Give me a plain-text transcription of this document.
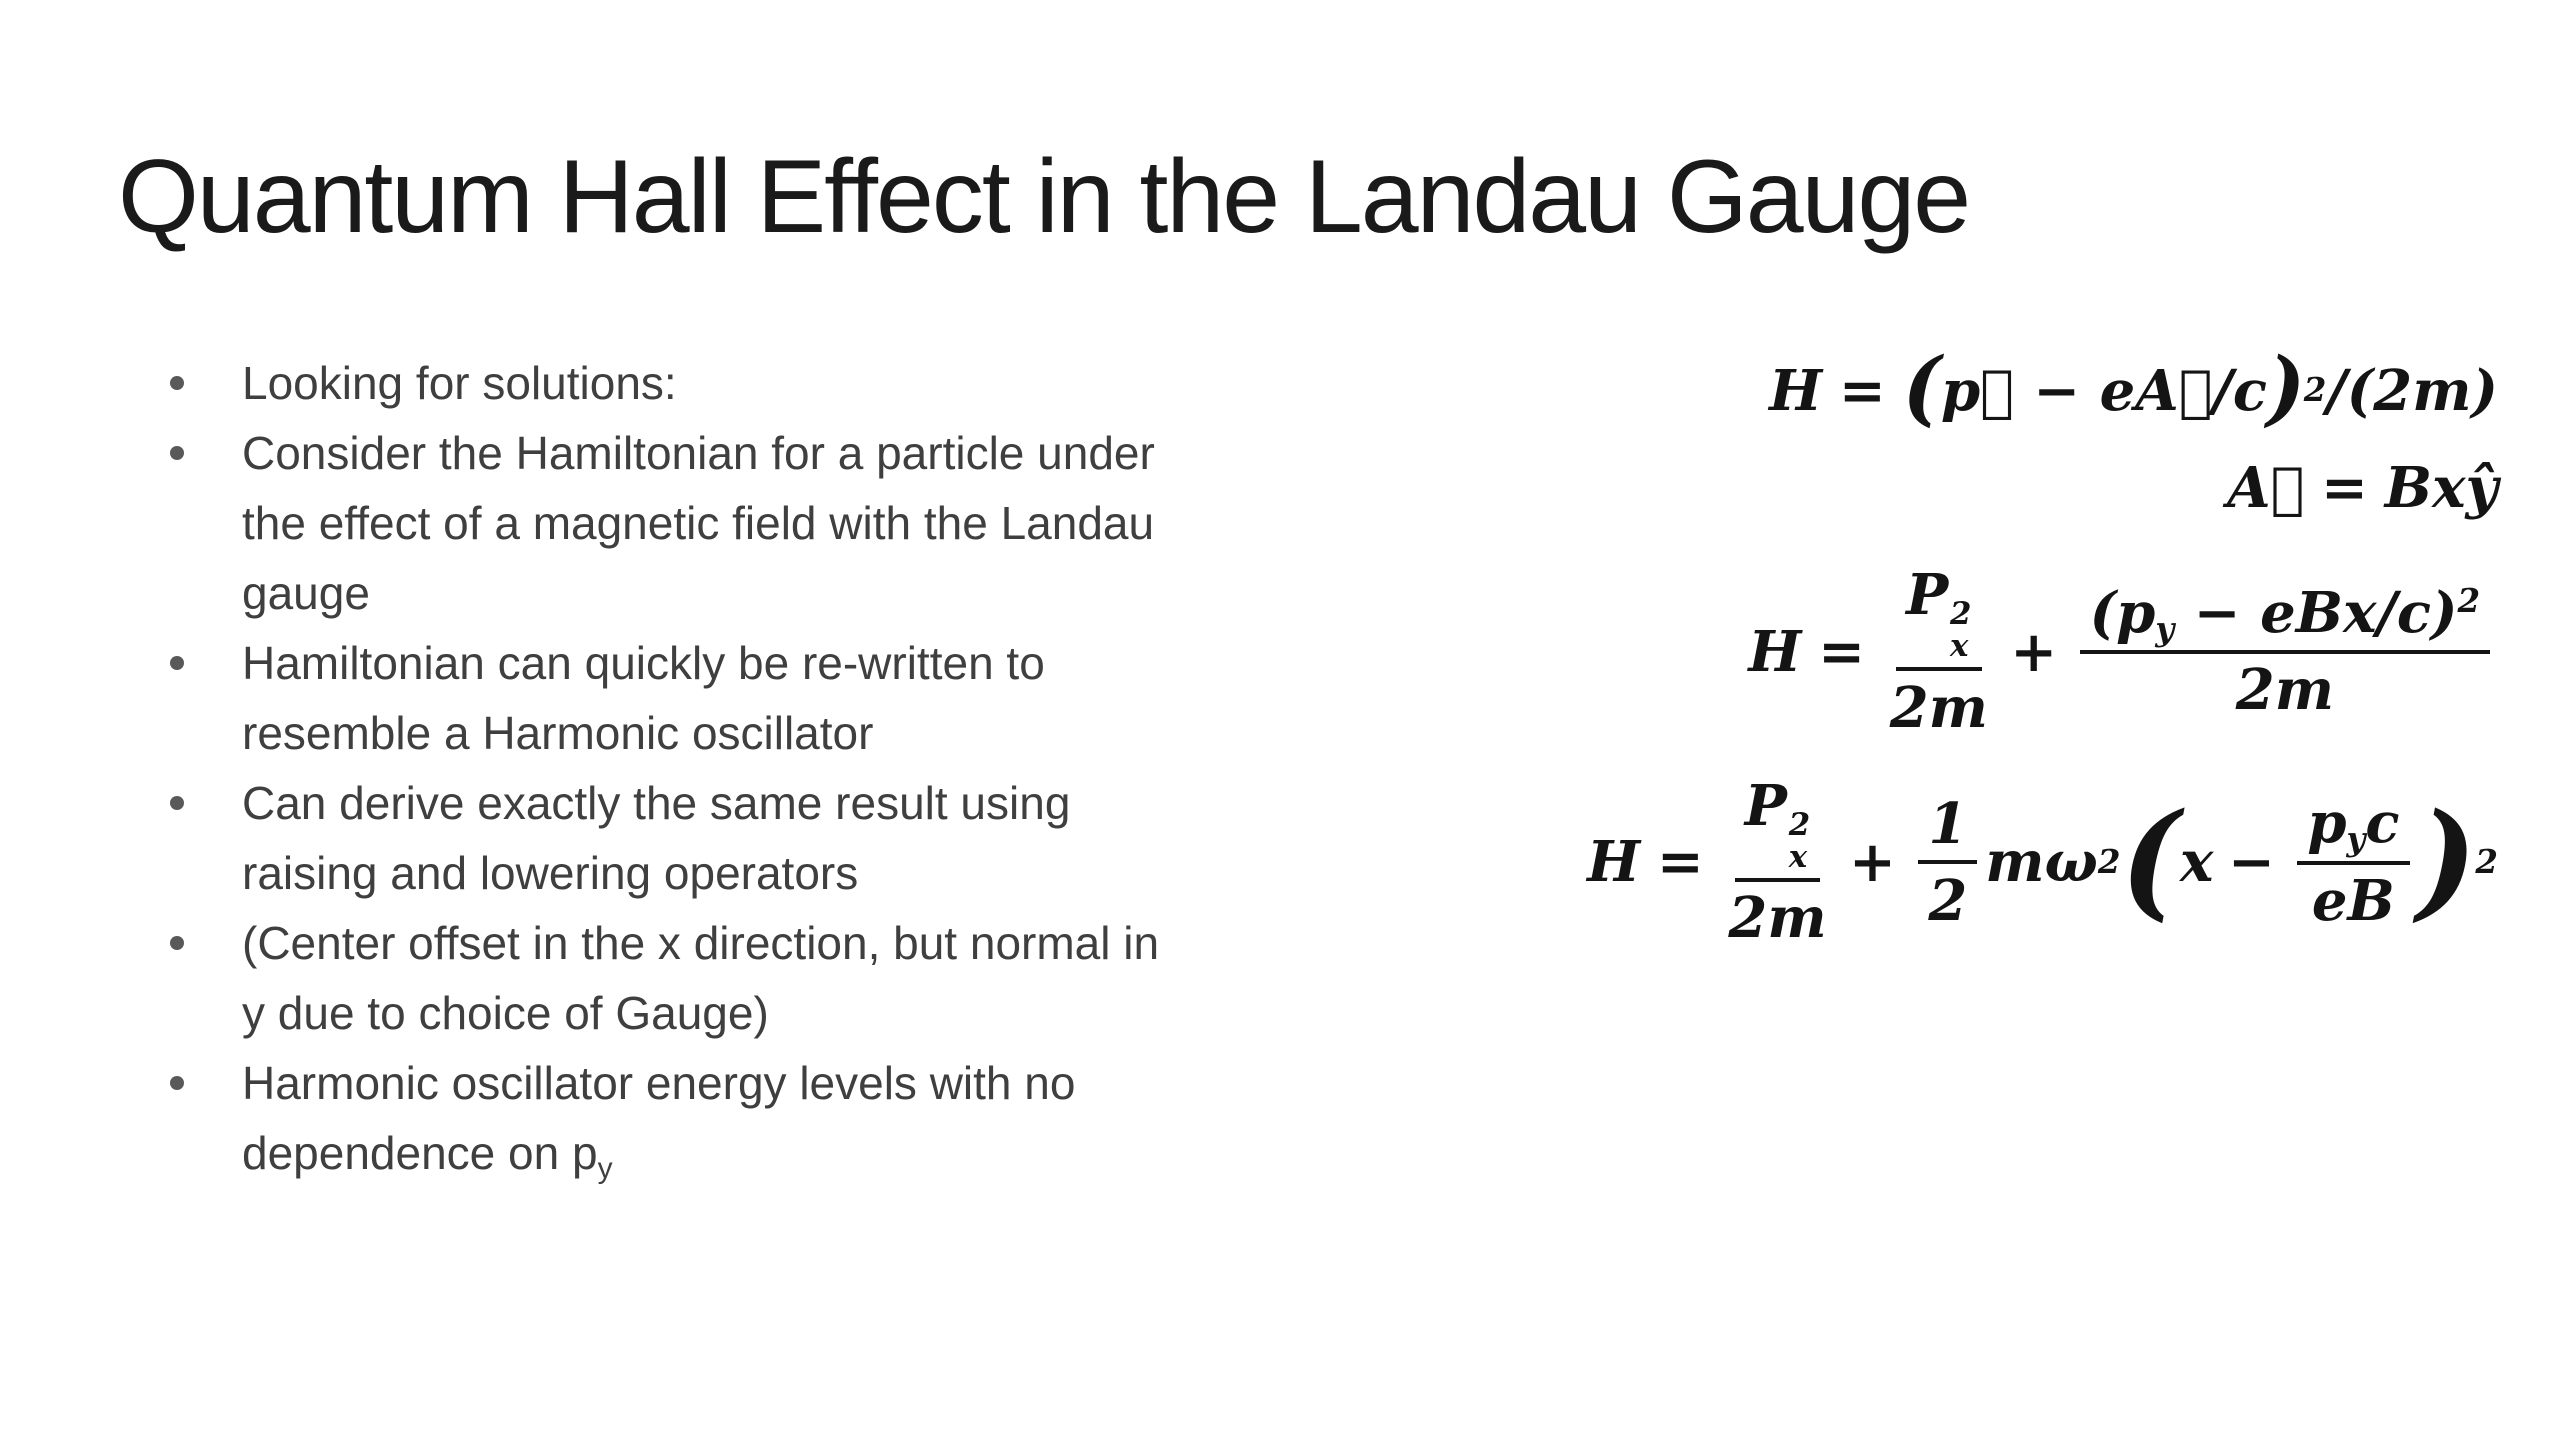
Quantum Hall Effect in the Landau Gauge
Looking for solutions:
Consider the Hamiltonian for a particle under the effect of a magnetic field with the Landau gauge
Hamiltonian can quickly be re-written to resemble a Harmonic oscillator
Can derive exactly the same result using raising and lowering operators
(Center offset in the x direction, but normal in y due to choice of Gauge)
Harmonic oscillator energy levels with no dependence on py
H = ( p⃗ − eA⃗/c )
2 /(2m)
A⃗ = Bxŷ
H = P 2
x
$2m + \frac{(p_y - eBx/c)^2}{2m}$
H = P 2
x
$2m + \frac{1}{2}$ mω 2 ( $x - \frac{p_yc}{eB}$ )
2
